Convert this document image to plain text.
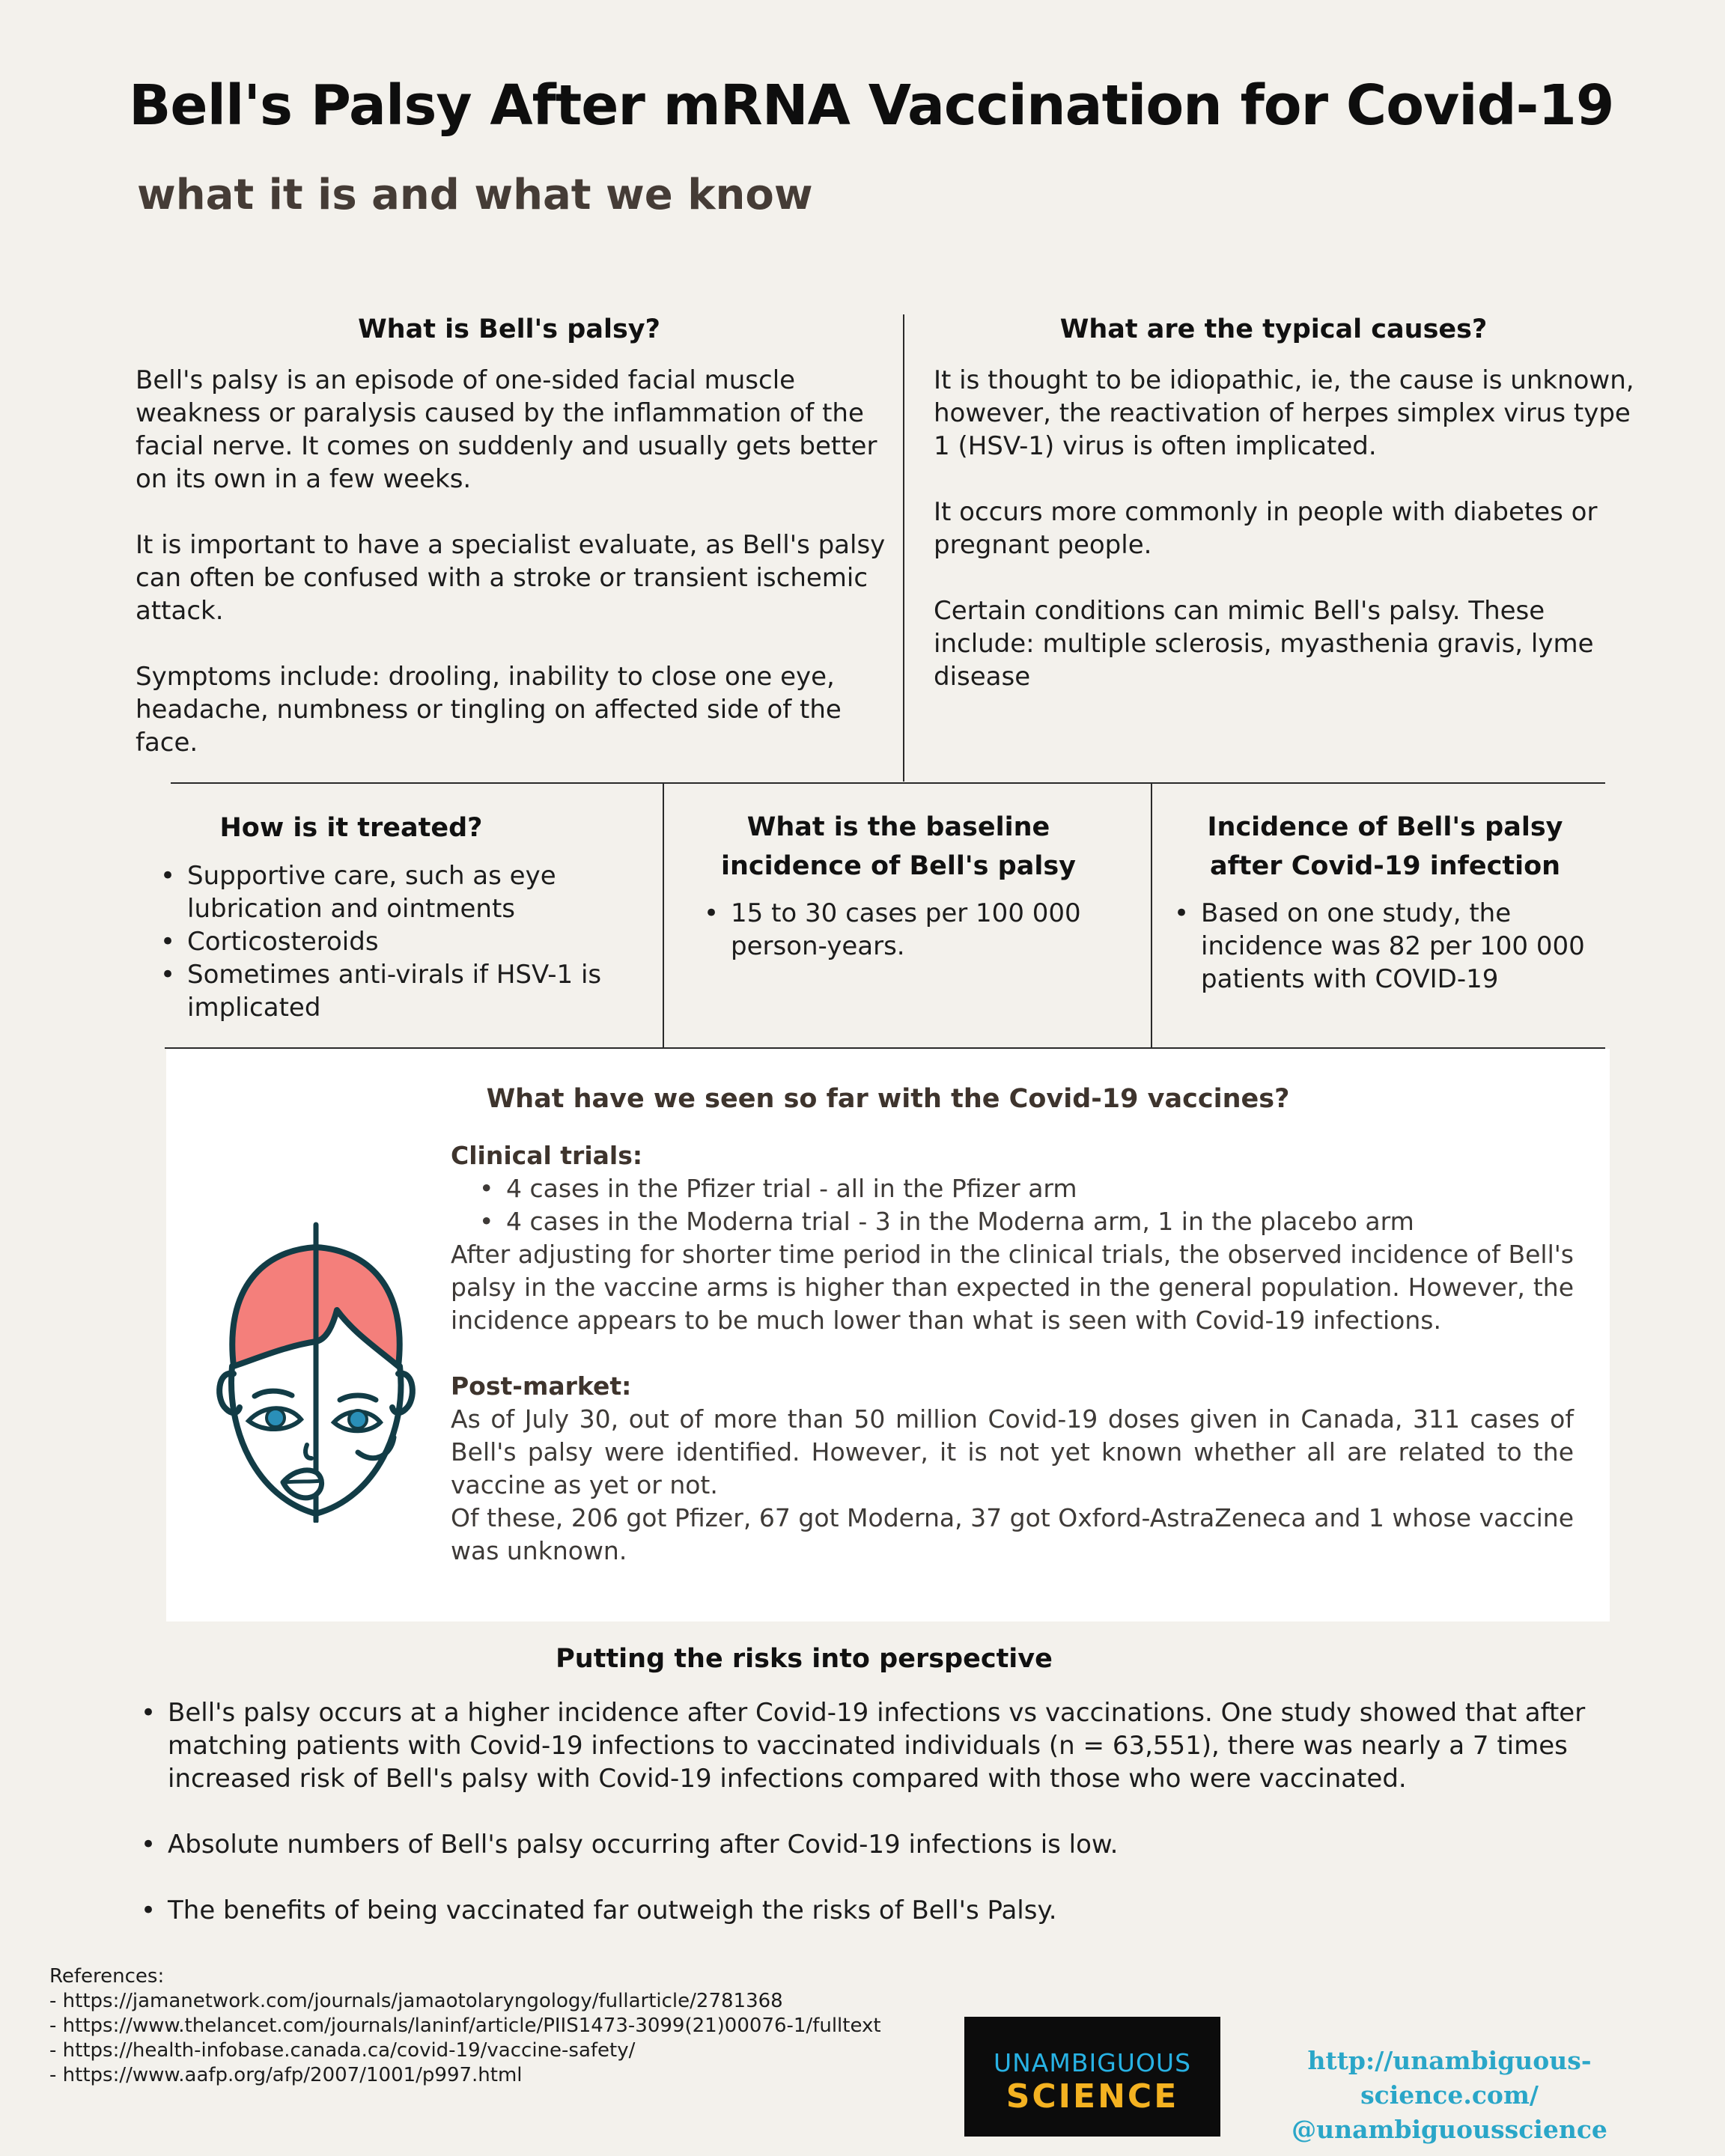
Bell's Palsy After mRNA Vaccination for Covid-19
what it is and what we know
What is Bell's palsy?

Bell's palsy is an episode of one-sided facial muscle weakness or paralysis caused by the inflammation of the facial nerve. It comes on suddenly and usually gets better on its own in a few weeks.

It is important to have a specialist evaluate, as Bell's palsy can often be confused with a stroke or transient ischemic attack.

Symptoms include: drooling, inability to close one eye, headache, numbness or tingling on affected side of the face.

What are the typical causes?

It is thought to be idiopathic, ie, the cause is unknown, however, the reactivation of herpes simplex virus type 1 (HSV-1) virus is often implicated.

It occurs more commonly in people with diabetes or pregnant people.

Certain conditions can mimic Bell's palsy. These include: multiple sclerosis, myasthenia gravis, lyme disease

How is it treated?
• Supportive care, such as eye lubrication and ointments
• Corticosteroids
• Sometimes anti-virals if HSV-1 is implicated
What is the baseline incidence of Bell's palsy
• 15 to 30 cases per 100 000 person-years.
Incidence of Bell's palsy after Covid-19 infection
• Based on one study, the incidence was 82 per 100 000 patients with COVID-19
What have we seen so far with the Covid-19 vaccines?
Clinical trials:
• 4 cases in the Pfizer trial - all in the Pfizer arm
• 4 cases in the Moderna trial - 3 in the Moderna arm, 1 in the placebo arm
After adjusting for shorter time period in the clinical trials, the observed incidence of Bell's palsy in the vaccine arms is higher than expected in the general population. However, the incidence appears to be much lower than what is seen with Covid-19 infections.
Post-market:
As of July 30, out of more than 50 million Covid-19 doses given in Canada, 311 cases of Bell's palsy were identified. However, it is not yet known whether all are related to the vaccine as yet or not.
Of these, 206 got Pfizer, 67 got Moderna, 37 got Oxford-AstraZeneca and 1 whose vaccine was unknown.
Putting the risks into perspective
• Bell's palsy occurs at a higher incidence after Covid-19 infections vs vaccinations. One study showed that after matching patients with Covid-19 infections to vaccinated individuals (n = 63,551), there was nearly a 7 times increased risk of Bell's palsy with Covid-19 infections compared with those who were vaccinated.
• Absolute numbers of Bell's palsy occurring after Covid-19 infections is low.
• The benefits of being vaccinated far outweigh the risks of Bell's Palsy.
References:
- https://jamanetwork.com/journals/jamaotolaryngology/fullarticle/2781368
- https://www.thelancet.com/journals/laninf/article/PIIS1473-3099(21)00076-1/fulltext
- https://health-infobase.canada.ca/covid-19/vaccine-safety/
- https://www.aafp.org/afp/2007/1001/p997.html	UNAMBIGUOUS
SCIENCE
http://unambiguous-science.com/
@unambiguousscience
